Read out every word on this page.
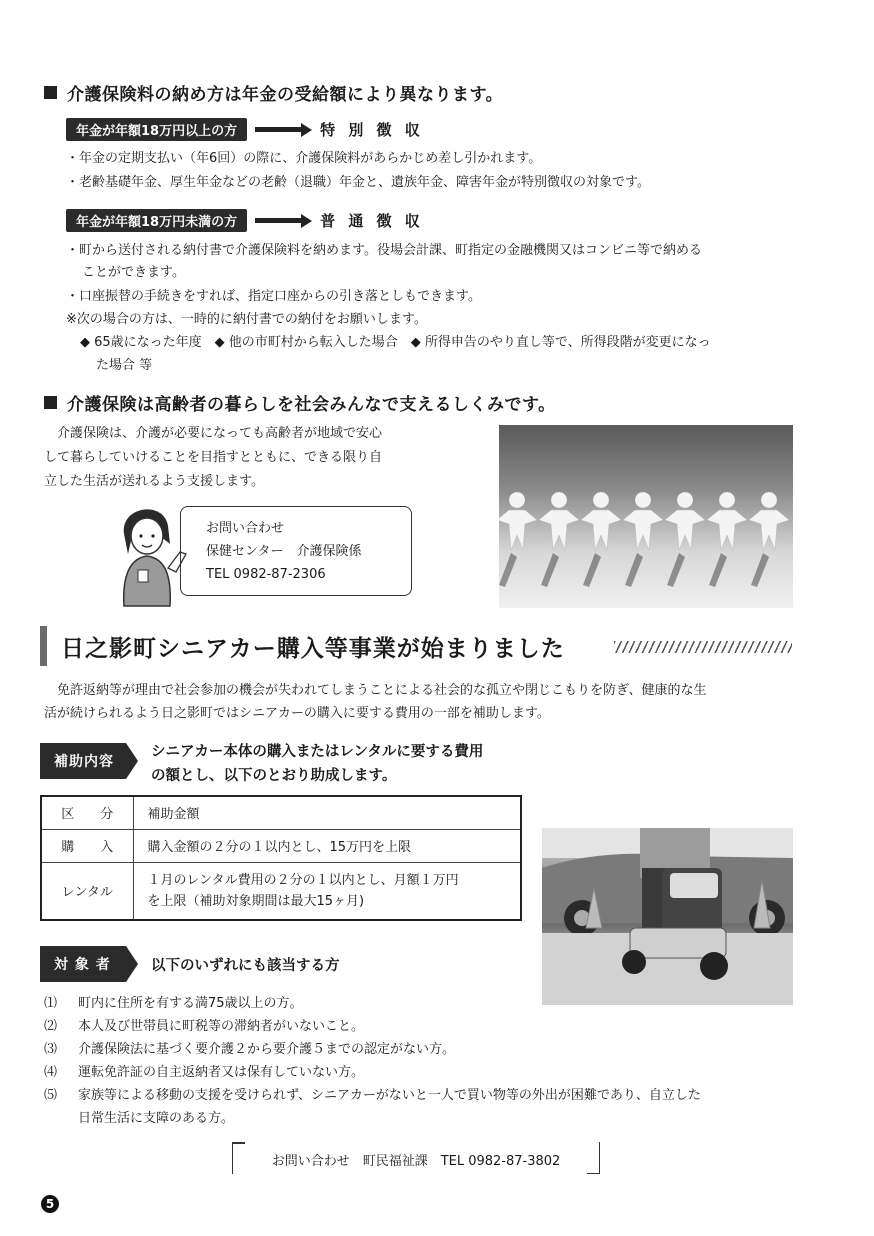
介護保険料の納め方は年金の受給額により異なります。
年金が年額18万円以上の方	特 別 徴 収
・年金の定期支払い（年6回）の際に、介護保険料があらかじめ差し引かれます。
・老齢基礎年金、厚生年金などの老齢（退職）年金と、遺族年金、障害年金が特別徴収の対象です。
年金が年額18万円未満の方	普 通 徴 収
・町から送付される納付書で介護保険料を納めます。役場会計課、町指定の金融機関又はコンビニ等で納める
ことができます。
・口座振替の手続きをすれば、指定口座からの引き落としもできます。
※次の場合の方は、一時的に納付書での納付をお願いします。
◆ 65歳になった年度　◆ 他の市町村から転入した場合　◆ 所得申告のやり直し等で、所得段階が変更になっ
た場合 等
介護保険は高齢者の暮らしを社会みんなで支えるしくみです。
　介護保険は、介護が必要になっても高齢者が地域で安心
して暮らしていけることを目指すとともに、できる限り自
立した生活が送れるよう支援します。
お問い合わせ
保健センター　介護保険係
TEL 0982-87-2306
日之影町シニアカー購入等事業が始まりました
　免許返納等が理由で社会参加の機会が失われてしまうことによる社会的な孤立や閉じこもりを防ぎ、健康的な生
活が続けられるよう日之影町ではシニアカーの購入に要する費用の一部を補助します。
補助内容
シニアカー本体の購入またはレンタルに要する費用
の額とし、以下のとおり助成します。
区　　分	補助金額
購　　入	購入金額の２分の１以内とし、15万円を上限
レンタル	１月のレンタル費用の２分の１以内とし、月額１万円
を上限（補助対象期間は最大15ヶ月)
対 象 者	以下のいずれにも該当する方
⑴ 町内に住所を有する満75歳以上の方。
⑵ 本人及び世帯員に町税等の滞納者がいないこと。
⑶ 介護保険法に基づく要介護２から要介護５までの認定がない方。
⑷ 運転免許証の自主返納者又は保有していない方。
⑸ 家族等による移動の支援を受けられず、シニアカーがないと一人で買い物等の外出が困難であり、自立した
日常生活に支障のある方。
お問い合わせ　町民福祉課　TEL 0982-87-3802
5
